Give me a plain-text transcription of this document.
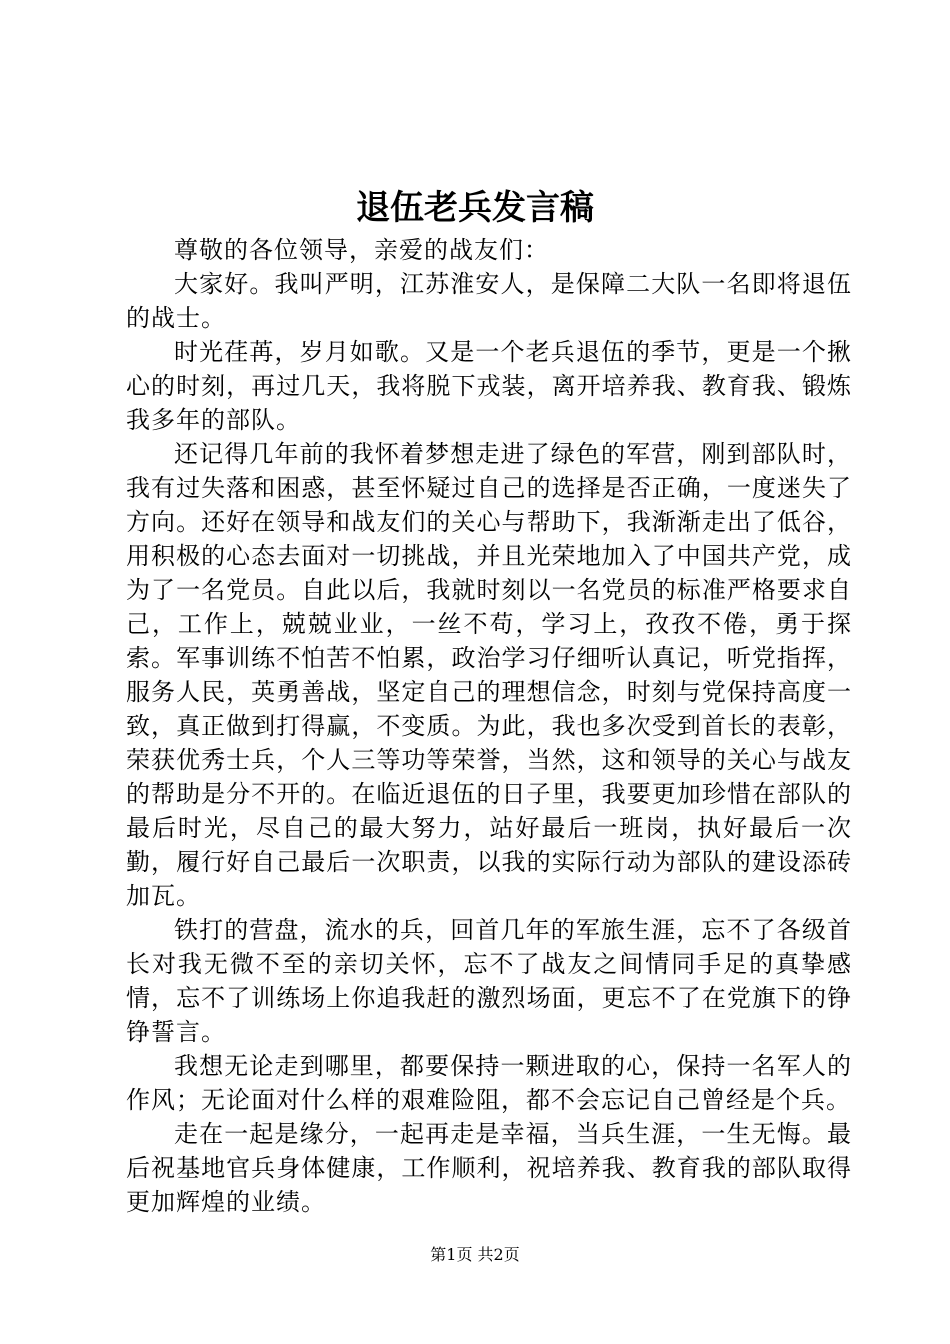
退伍老兵发言稿

尊敬的各位领导，亲爱的战友们：

大家好。我叫严明，江苏淮安人，是保障二大队一名即将退伍的战士。

时光荏苒，岁月如歌。又是一个老兵退伍的季节，更是一个揪心的时刻，再过几天，我将脱下戎装，离开培养我、教育我、锻炼我多年的部队。

还记得几年前的我怀着梦想走进了绿色的军营，刚到部队时，我有过失落和困惑，甚至怀疑过自己的选择是否正确，一度迷失了方向。还好在领导和战友们的关心与帮助下，我渐渐走出了低谷，用积极的心态去面对一切挑战，并且光荣地加入了中国共产党，成为了一名党员。自此以后，我就时刻以一名党员的标准严格要求自己，工作上，兢兢业业，一丝不苟，学习上，孜孜不倦，勇于探索。军事训练不怕苦不怕累，政治学习仔细听认真记，听党指挥，服务人民，英勇善战，坚定自己的理想信念，时刻与党保持高度一致，真正做到打得赢，不变质。为此，我也多次受到首长的表彰，荣获优秀士兵，个人三等功等荣誉，当然，这和领导的关心与战友的帮助是分不开的。在临近退伍的日子里，我要更加珍惜在部队的最后时光，尽自己的最大努力，站好最后一班岗，执好最后一次勤，履行好自己最后一次职责，以我的实际行动为部队的建设添砖加瓦。

铁打的营盘，流水的兵，回首几年的军旅生涯，忘不了各级首长对我无微不至的亲切关怀，忘不了战友之间情同手足的真挚感情，忘不了训练场上你追我赶的激烈场面，更忘不了在党旗下的铮铮誓言。

我想无论走到哪里，都要保持一颗进取的心，保持一名军人的作风；无论面对什么样的艰难险阻，都不会忘记自己曾经是个兵。

走在一起是缘分，一起再走是幸福，当兵生涯，一生无悔。最后祝基地官兵身体健康，工作顺利，祝培养我、教育我的部队取得更加辉煌的业绩。

第1页 共2页
